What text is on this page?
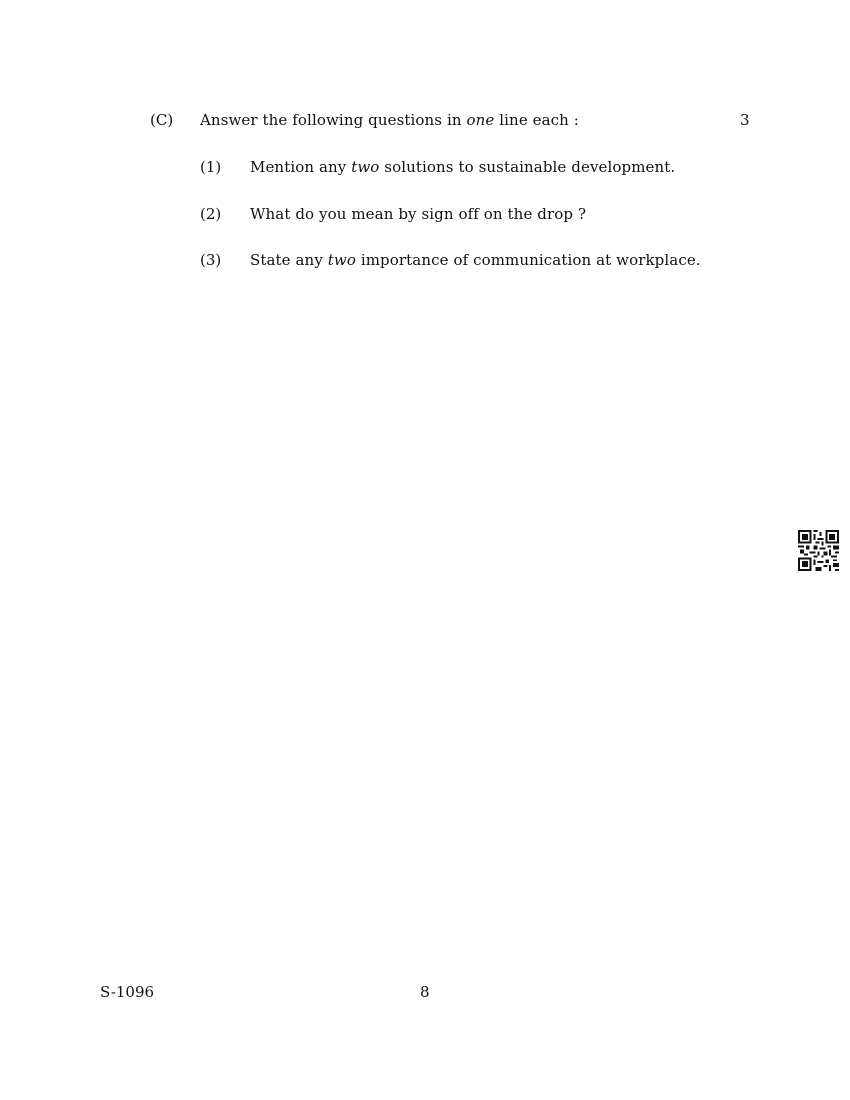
(C) Answer the following questions in one line each :	3
(1) Mention any two solutions to sustainable development.
(2) What do you mean by sign off on the drop ?
(3) State any two importance of communication at workplace.
S-1096	8
